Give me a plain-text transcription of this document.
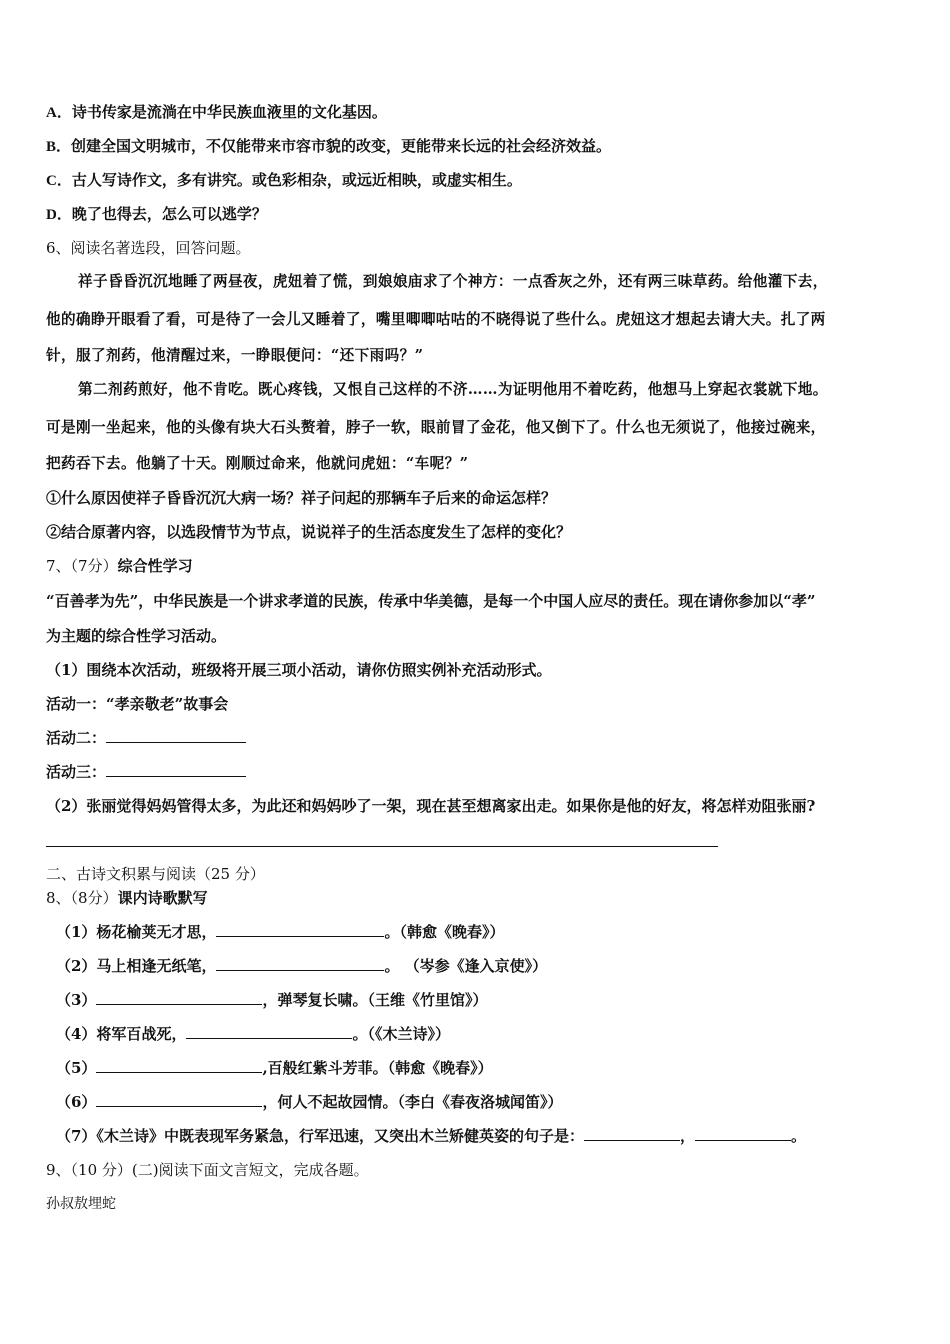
A．诗书传家是流淌在中华民族血液里的文化基因。
B．创建全国文明城市，不仅能带来市容市貌的改变，更能带来长远的社会经济效益。
C．古人写诗作文，多有讲究。或色彩相杂，或远近相映，或虚实相生。
D．晚了也得去，怎么可以逃学？
6、阅读名著选段，回答问题。
祥子昏昏沉沉地睡了两昼夜，虎妞着了慌，到娘娘庙求了个神方：一点香灰之外，还有两三味草药。给他灌下去，
他的确睁开眼看了看，可是待了一会儿又睡着了，嘴里唧唧咕咕的不晓得说了些什么。虎妞这才想起去请大夫。扎了两
针，服了剂药，他清醒过来，一睁眼便问：“还下雨吗？”
第二剂药煎好，他不肯吃。既心疼钱，又恨自己这样的不济……为证明他用不着吃药，他想马上穿起衣裳就下地。
可是刚一坐起来，他的头像有块大石头赘着，脖子一软，眼前冒了金花，他又倒下了。什么也无须说了，他接过碗来，
把药吞下去。他躺了十天。刚顺过命来，他就问虎妞：“车呢？”
①什么原因使祥子昏昏沉沉大病一场？祥子问起的那辆车子后来的命运怎样？
②结合原著内容，以选段情节为节点，说说祥子的生活态度发生了怎样的变化？
7、（7分）综合性学习
“百善孝为先”，中华民族是一个讲求孝道的民族，传承中华美德，是每一个中国人应尽的责任。现在请你参加以“孝”
为主题的综合性学习活动。
（1）围绕本次活动，班级将开展三项小活动，请你仿照实例补充活动形式。
活动一：“孝亲敬老”故事会
活动二：
活动三：
（2）张丽觉得妈妈管得太多，为此还和妈妈吵了一架，现在甚至想离家出走。如果你是他的好友，将怎样劝阻张丽?
二、古诗文积累与阅读（25 分）
8、（8分）课内诗歌默写
（1）杨花榆荚无才思，	。（韩愈《晚春》）
（2）马上相逢无纸笔，	。 （岑参《逢入京使》）
（3）	，弹琴复长啸。（王维《竹里馆》）
（4）将军百战死，	。（《木兰诗》）
（5）	,百般红紫斗芳菲。（韩愈《晚春》）
（6）	，何人不起故园情。（李白《春夜洛城闻笛》）
（7）《木兰诗》中既表现军务紧急，行军迅速，又突出木兰矫健英姿的句子是：	，	。
9、（10 分）(二)阅读下面文言短文，完成各题。
孙叔敖埋蛇
